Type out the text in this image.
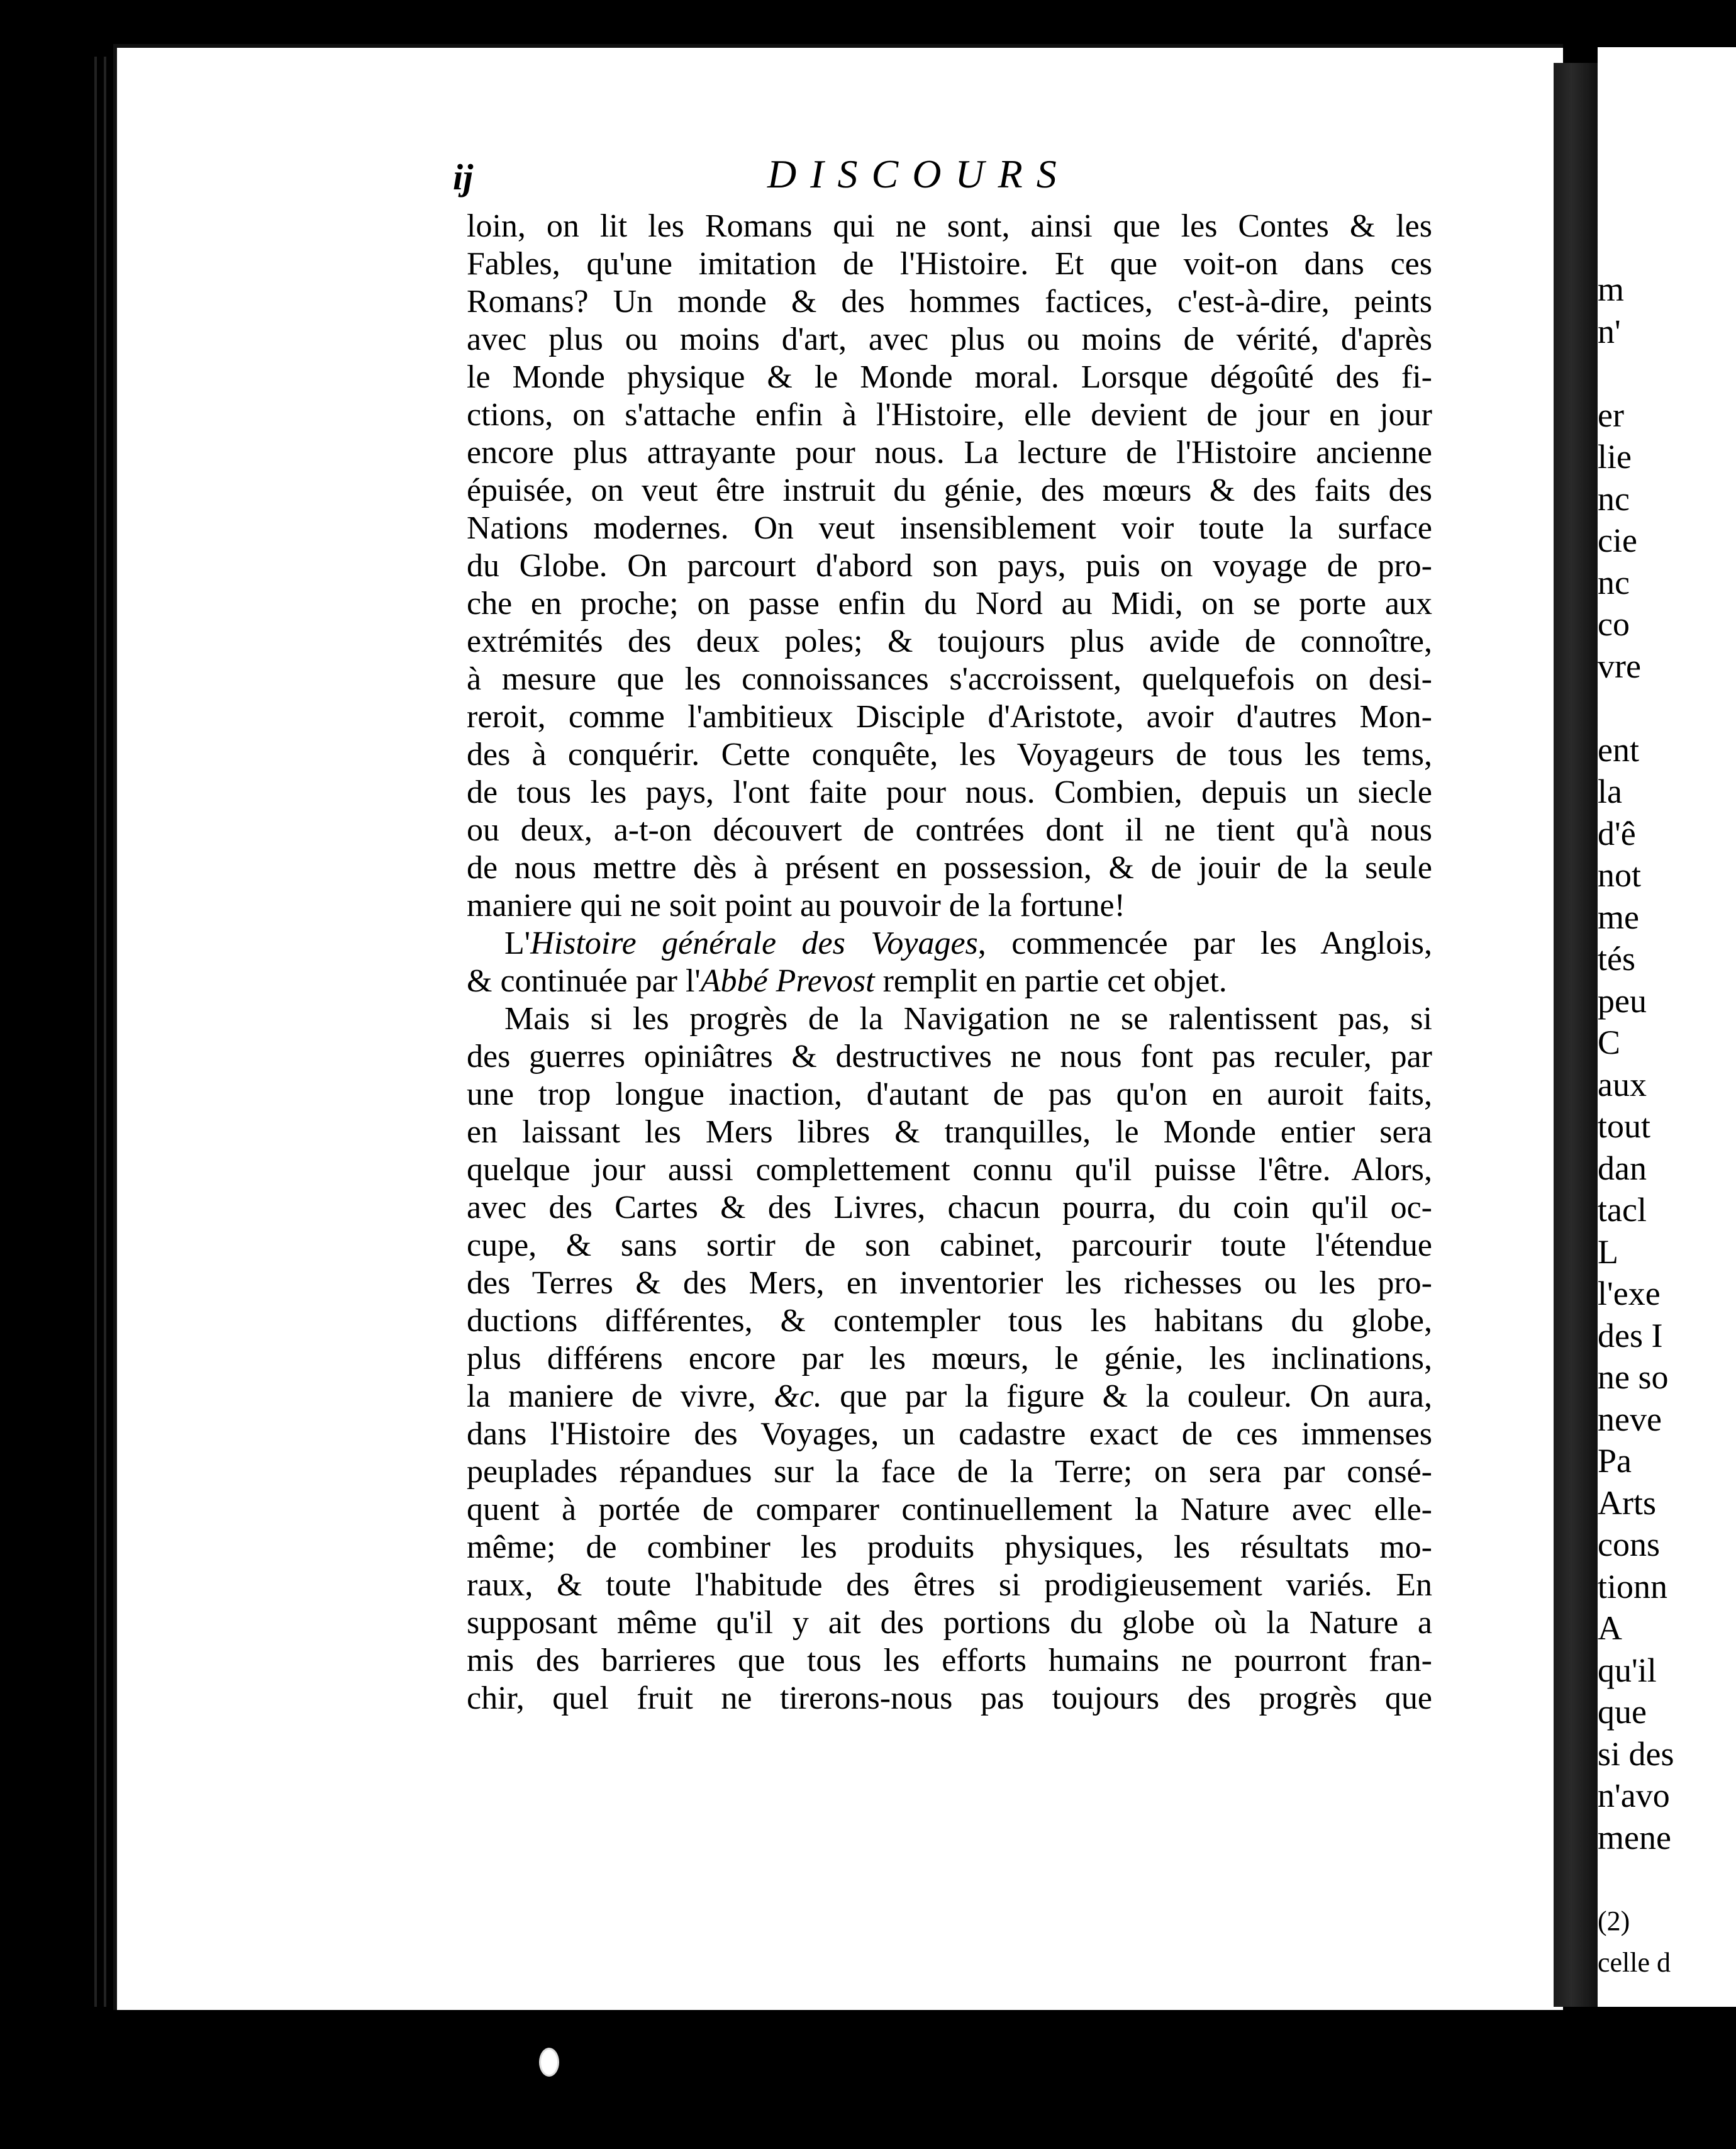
ij	DISCOURS
loin, on lit les Romans qui ne sont, ainsi que les Contes & les
Fables, qu'une imitation de l'Histoire. Et que voit-on dans ces
Romans? Un monde & des hommes factices, c'est-à-dire, peints
avec plus ou moins d'art, avec plus ou moins de vérité, d'après
le Monde physique & le Monde moral. Lorsque dégoûté des fi-
ctions, on s'attache enfin à l'Histoire, elle devient de jour en jour
encore plus attrayante pour nous. La lecture de l'Histoire ancienne
épuisée, on veut être instruit du génie, des mœurs & des faits des
Nations modernes. On veut insensiblement voir toute la surface
du Globe. On parcourt d'abord son pays, puis on voyage de pro-
che en proche; on passe enfin du Nord au Midi, on se porte aux
extrémités des deux poles; & toujours plus avide de connoître,
à mesure que les connoissances s'accroissent, quelquefois on desi-
reroit, comme l'ambitieux Disciple d'Aristote, avoir d'autres Mon-
des à conquérir. Cette conquête, les Voyageurs de tous les tems,
de tous les pays, l'ont faite pour nous. Combien, depuis un siecle
ou deux, a-t-on découvert de contrées dont il ne tient qu'à nous
de nous mettre dès à présent en possession, & de jouir de la seule
maniere qui ne soit point au pouvoir de la fortune!
L'Histoire générale des Voyages, commencée par les Anglois,
& continuée par l'Abbé Prevost remplit en partie cet objet.
Mais si les progrès de la Navigation ne se ralentissent pas, si
des guerres opiniâtres & destructives ne nous font pas reculer, par
une trop longue inaction, d'autant de pas qu'on en auroit faits,
en laissant les Mers libres & tranquilles, le Monde entier sera
quelque jour aussi complettement connu qu'il puisse l'être. Alors,
avec des Cartes & des Livres, chacun pourra, du coin qu'il oc-
cupe, & sans sortir de son cabinet, parcourir toute l'étendue
des Terres & des Mers, en inventorier les richesses ou les pro-
ductions différentes, & contempler tous les habitans du globe,
plus différens encore par les mœurs, le génie, les inclinations,
la maniere de vivre, &c. que par la figure & la couleur. On aura,
dans l'Histoire des Voyages, un cadastre exact de ces immenses
peuplades répandues sur la face de la Terre; on sera par consé-
quent à portée de comparer continuellement la Nature avec elle-
même; de combiner les produits physiques, les résultats mo-
raux, & toute l'habitude des êtres si prodigieusement variés. En
supposant même qu'il y ait des portions du globe où la Nature a
mis des barrieres que tous les efforts humains ne pourront fran-
chir, quel fruit ne tirerons-nous pas toujours des progrès que
m
n'
er
lie
nc
cie
nc
co
vre
ent
la
d'ê
not
me
tés
peu
C
aux
tout
dan
tacl
L
l'exe
des I
ne so
neve
Pa
Arts
cons
tionn
A
qu'il
que
si des
n'avo
mene
(2)
celle d
